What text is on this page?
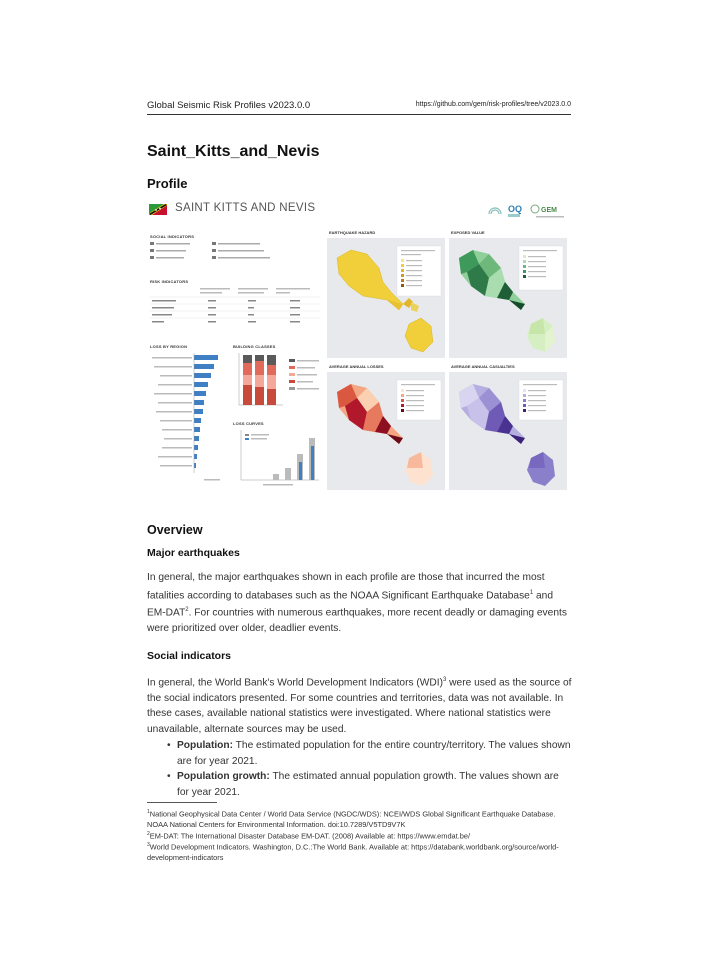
Global Seismic Risk Profiles v2023.0.0	https://github.com/gem/risk-profiles/tree/v2023.0.0
Saint_Kitts_and_Nevis
Profile
SAINT KITTS AND NEVIS	OQ	GEM
SOCIAL INDICATORS
RISK INDICATORS
LOSS BY REGION	BUILDING CLASSES
LOSS CURVES
EARTHQUAKE HAZARD	EXPOSED VALUE
AVERAGE ANNUAL LOSSES	AVERAGE ANNUAL CASUALTIES
Overview
Major earthquakes

In general, the major earthquakes shown in each profile are those that incurred the most fatalities according to databases such as the NOAA Significant Earthquake Database$^1$ and EM-DAT$^2$. For countries with numerous earthquakes, more recent deadly or damaging events were prioritized over older, deadlier events.

Social indicators

In general, the World Bank's World Development Indicators (WDI)$^3$ were used as the source of the social indicators presented. For some countries and territories, data was not available. In these cases, available national statistics were investigated. Where national statistics were unavailable, alternate sources may be used.

• Population: The estimated population for the entire country/territory. The values shown are for year 2021.
• Population growth: The estimated annual population growth. The values shown are for year 2021.

$^1$National Geophysical Data Center / World Data Service (NGDC/WDS): NCEI/WDS Global Significant Earthquake Database. NOAA National Centers for Environmental Information. doi:10.7289/V5TD9V7K

$^2$EM-DAT: The International Disaster Database EM-DAT. (2008) Available at: https://www.emdat.be/

$^3$World Development Indicators. Washington, D.C.:The World Bank. Available at: https://databank.worldbank.org/source/world-development-indicators
